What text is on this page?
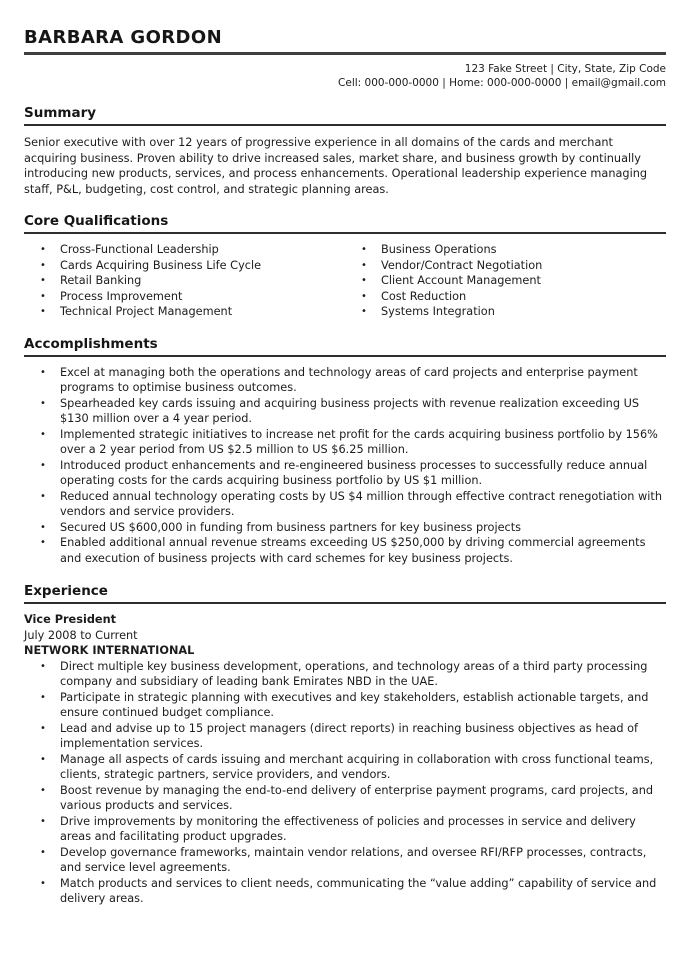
BARBARA GORDON
123 Fake Street | City, State, Zip Code
Cell: 000-000-0000 | Home: 000-000-0000 | email@gmail.com
Summary
Senior executive with over 12 years of progressive experience in all domains of the cards and merchant acquiring business. Proven ability to drive increased sales, market share, and business growth by continually introducing new products, services, and process enhancements. Operational leadership experience managing staff, P&L, budgeting, cost control, and strategic planning areas.
Core Qualifications
•	Cross-Functional Leadership
•	Cards Acquiring Business Life Cycle
•	Retail Banking
•	Process Improvement
•	Technical Project Management
•	Business Operations
•	Vendor/Contract Negotiation
•	Client Account Management
•	Cost Reduction
•	Systems Integration
Accomplishments
•	Excel at managing both the operations and technology areas of card projects and enterprise payment programs to optimise business outcomes.
•	Spearheaded key cards issuing and acquiring business projects with revenue realization exceeding US $130 million over a 4 year period.
•	Implemented strategic initiatives to increase net profit for the cards acquiring business portfolio by 156% over a 2 year period from US $2.5 million to US $6.25 million.
•	Introduced product enhancements and re-engineered business processes to successfully reduce annual operating costs for the cards acquiring business portfolio by US $1 million.
•	Reduced annual technology operating costs by US $4 million through effective contract renegotiation with vendors and service providers.
•	Secured US $600,000 in funding from business partners for key business projects
•	Enabled additional annual revenue streams exceeding US $250,000 by driving commercial agreements and execution of business projects with card schemes for key business projects.
Experience
Vice President
July 2008 to Current
NETWORK INTERNATIONAL
•	Direct multiple key business development, operations, and technology areas of a third party processing company and subsidiary of leading bank Emirates NBD in the UAE.
•	Participate in strategic planning with executives and key stakeholders, establish actionable targets, and ensure continued budget compliance.
•	Lead and advise up to 15 project managers (direct reports) in reaching business objectives as head of implementation services.
•	Manage all aspects of cards issuing and merchant acquiring in collaboration with cross functional teams, clients, strategic partners, service providers, and vendors.
•	Boost revenue by managing the end-to-end delivery of enterprise payment programs, card projects, and various products and services.
•	Drive improvements by monitoring the effectiveness of policies and processes in service and delivery areas and facilitating product upgrades.
•	Develop governance frameworks, maintain vendor relations, and oversee RFI/RFP processes, contracts, and service level agreements.
•	Match products and services to client needs, communicating the “value adding” capability of service and delivery areas.
